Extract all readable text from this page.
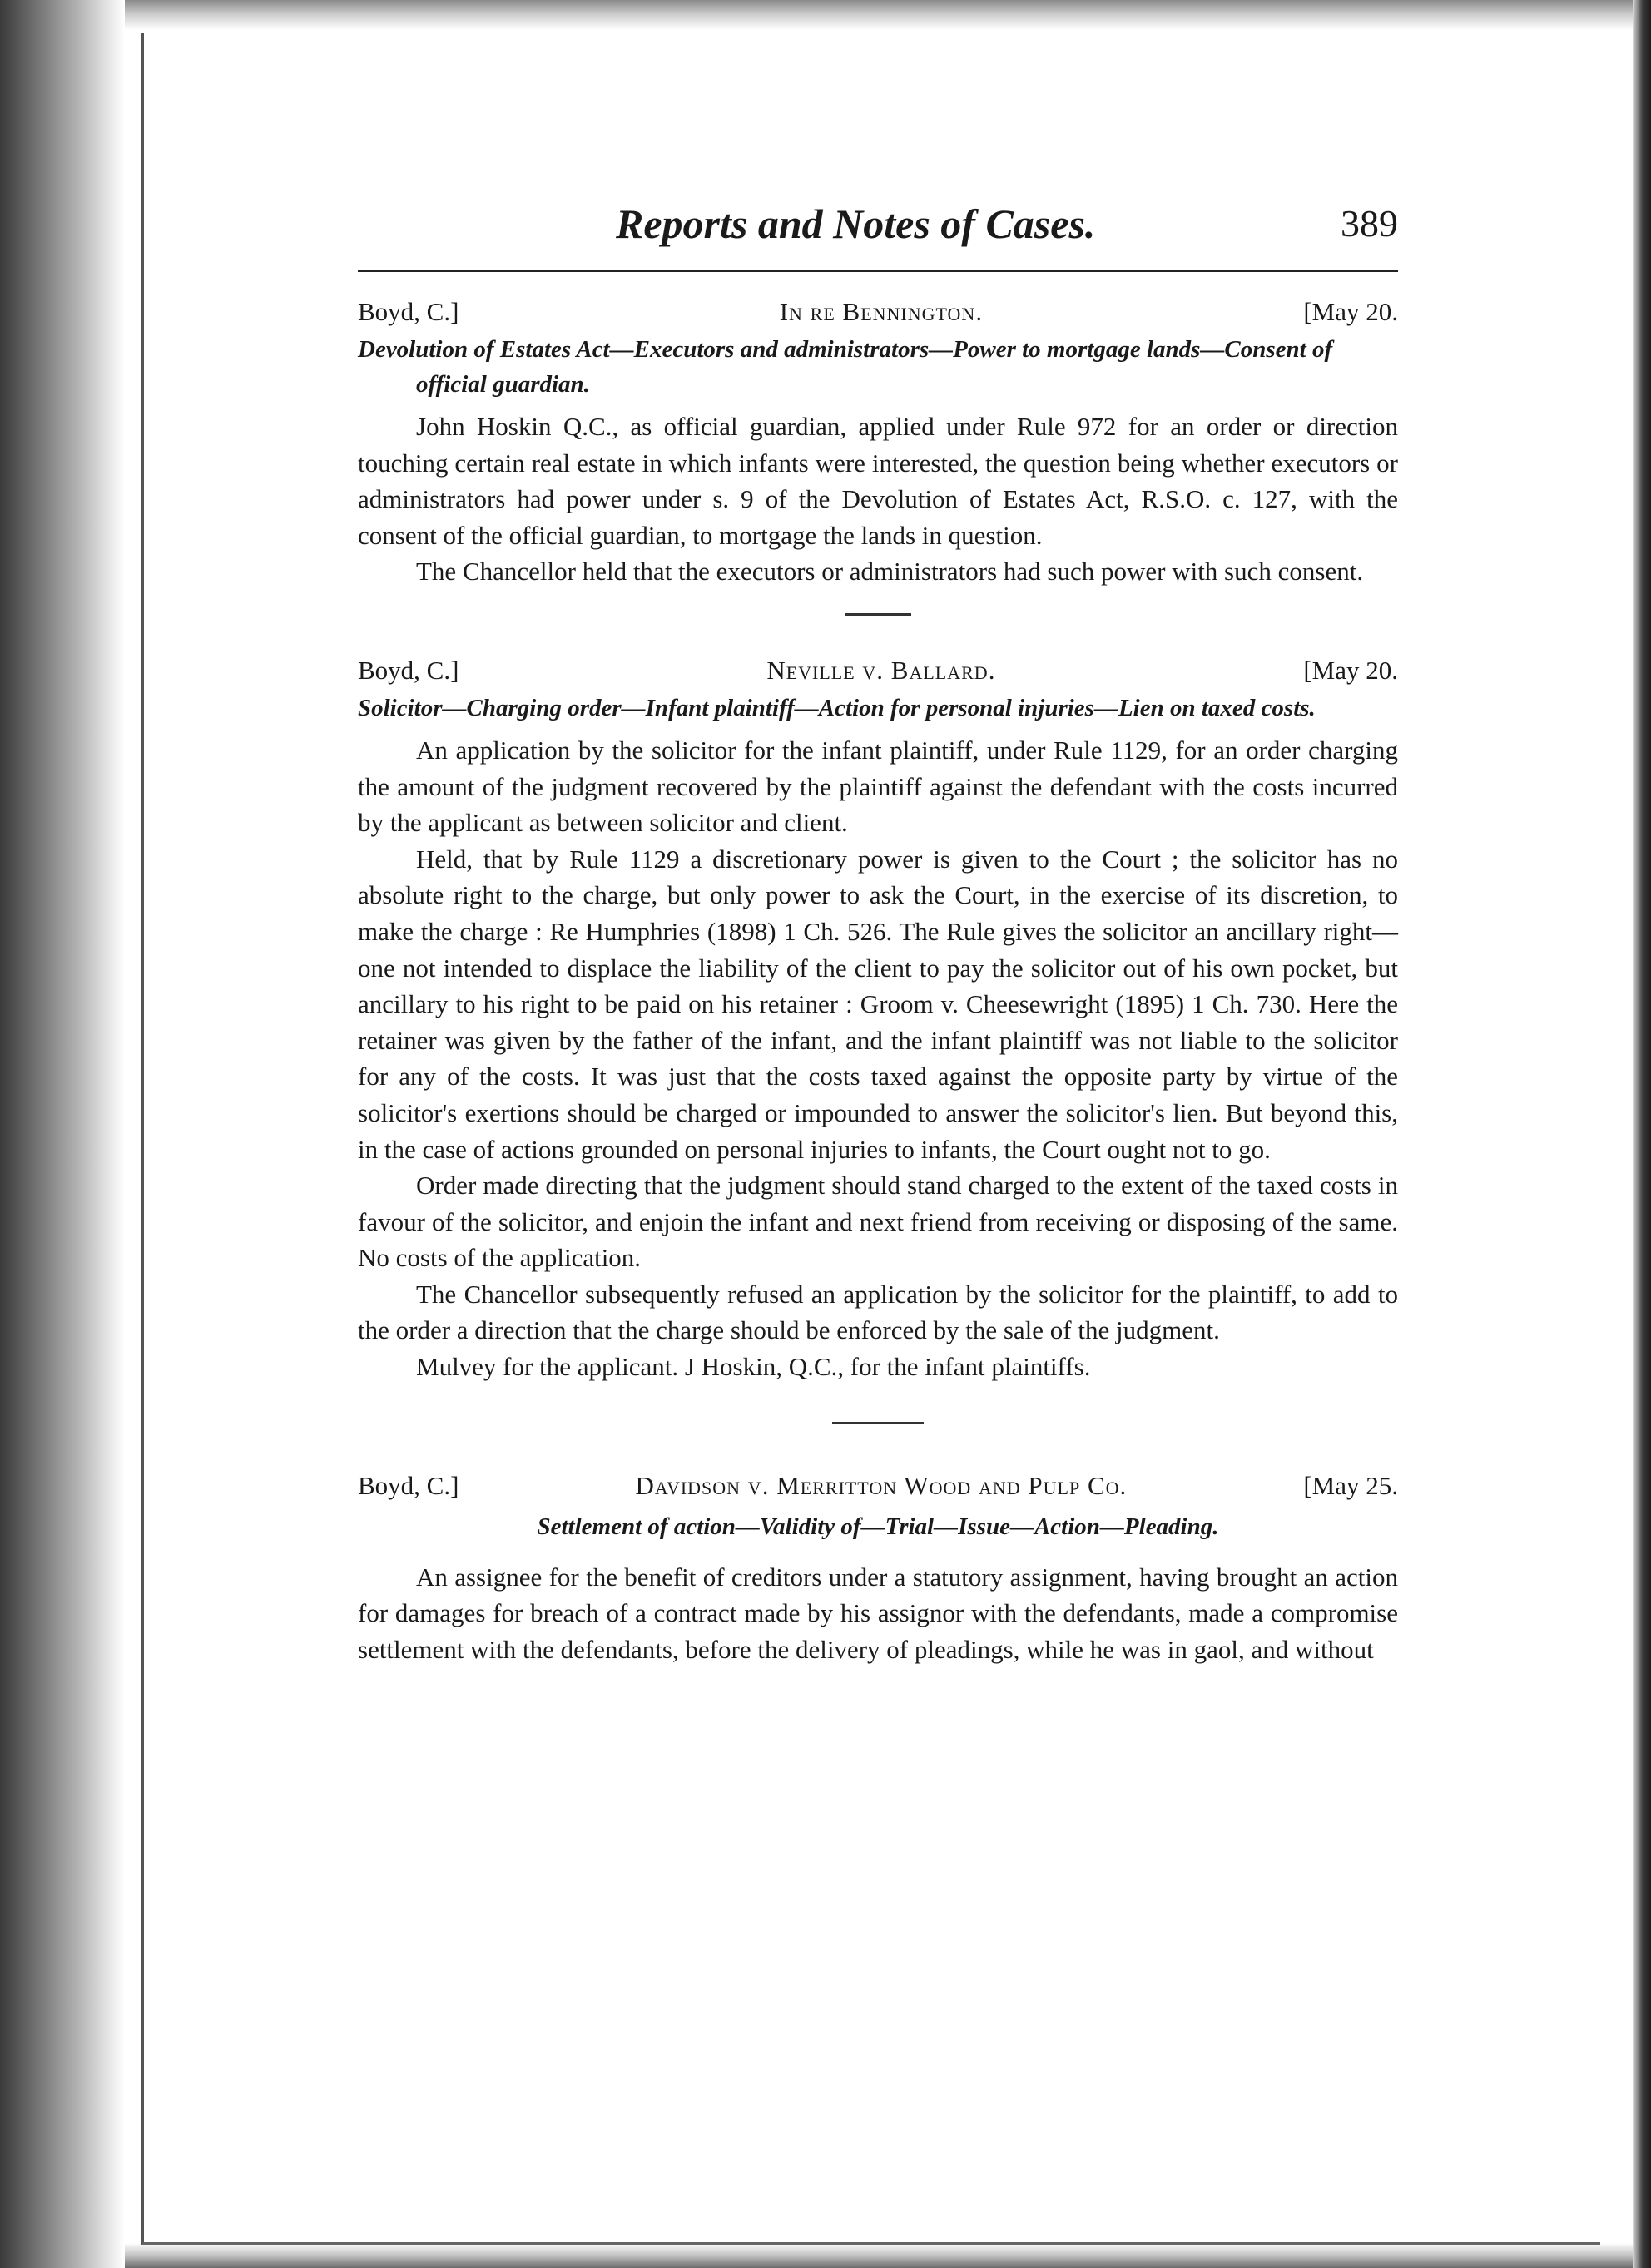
Reports and Notes of Cases.	389
Boyd, C.]	In re Bennington.	[May 20.
Devolution of Estates Act—Executors and administrators—Power to mortgage lands—Consent of official guardian.

John Hoskin Q.C., as official guardian, applied under Rule 972 for an order or direction touching certain real estate in which infants were interested, the question being whether executors or administrators had power under s. 9 of the Devolution of Estates Act, R.S.O. c. 127, with the consent of the official guardian, to mortgage the lands in question.

The Chancellor held that the executors or administrators had such power with such consent.

Boyd, C.]	Neville v. Ballard.	[May 20.
Solicitor—Charging order—Infant plaintiff—Action for personal injuries—Lien on taxed costs.

An application by the solicitor for the infant plaintiff, under Rule 1129, for an order charging the amount of the judgment recovered by the plaintiff against the defendant with the costs incurred by the applicant as between solicitor and client.

Held, that by Rule 1129 a discretionary power is given to the Court ; the solicitor has no absolute right to the charge, but only power to ask the Court, in the exercise of its discretion, to make the charge : Re Humphries (1898) 1 Ch. 526. The Rule gives the solicitor an ancillary right—one not intended to displace the liability of the client to pay the solicitor out of his own pocket, but ancillary to his right to be paid on his retainer : Groom v. Cheesewright (1895) 1 Ch. 730. Here the retainer was given by the father of the infant, and the infant plaintiff was not liable to the solicitor for any of the costs. It was just that the costs taxed against the opposite party by virtue of the solicitor's exertions should be charged or impounded to answer the solicitor's lien. But beyond this, in the case of actions grounded on personal injuries to infants, the Court ought not to go.

Order made directing that the judgment should stand charged to the extent of the taxed costs in favour of the solicitor, and enjoin the infant and next friend from receiving or disposing of the same. No costs of the application.

The Chancellor subsequently refused an application by the solicitor for the plaintiff, to add to the order a direction that the charge should be enforced by the sale of the judgment.

Mulvey for the applicant. J Hoskin, Q.C., for the infant plaintiffs.

Boyd, C.]	Davidson v. Merritton Wood and Pulp Co.	[May 25.
Settlement of action—Validity of—Trial—Issue—Action—Pleading.

An assignee for the benefit of creditors under a statutory assignment, having brought an action for damages for breach of a contract made by his assignor with the defendants, made a compromise settlement with the defendants, before the delivery of pleadings, while he was in gaol, and without
